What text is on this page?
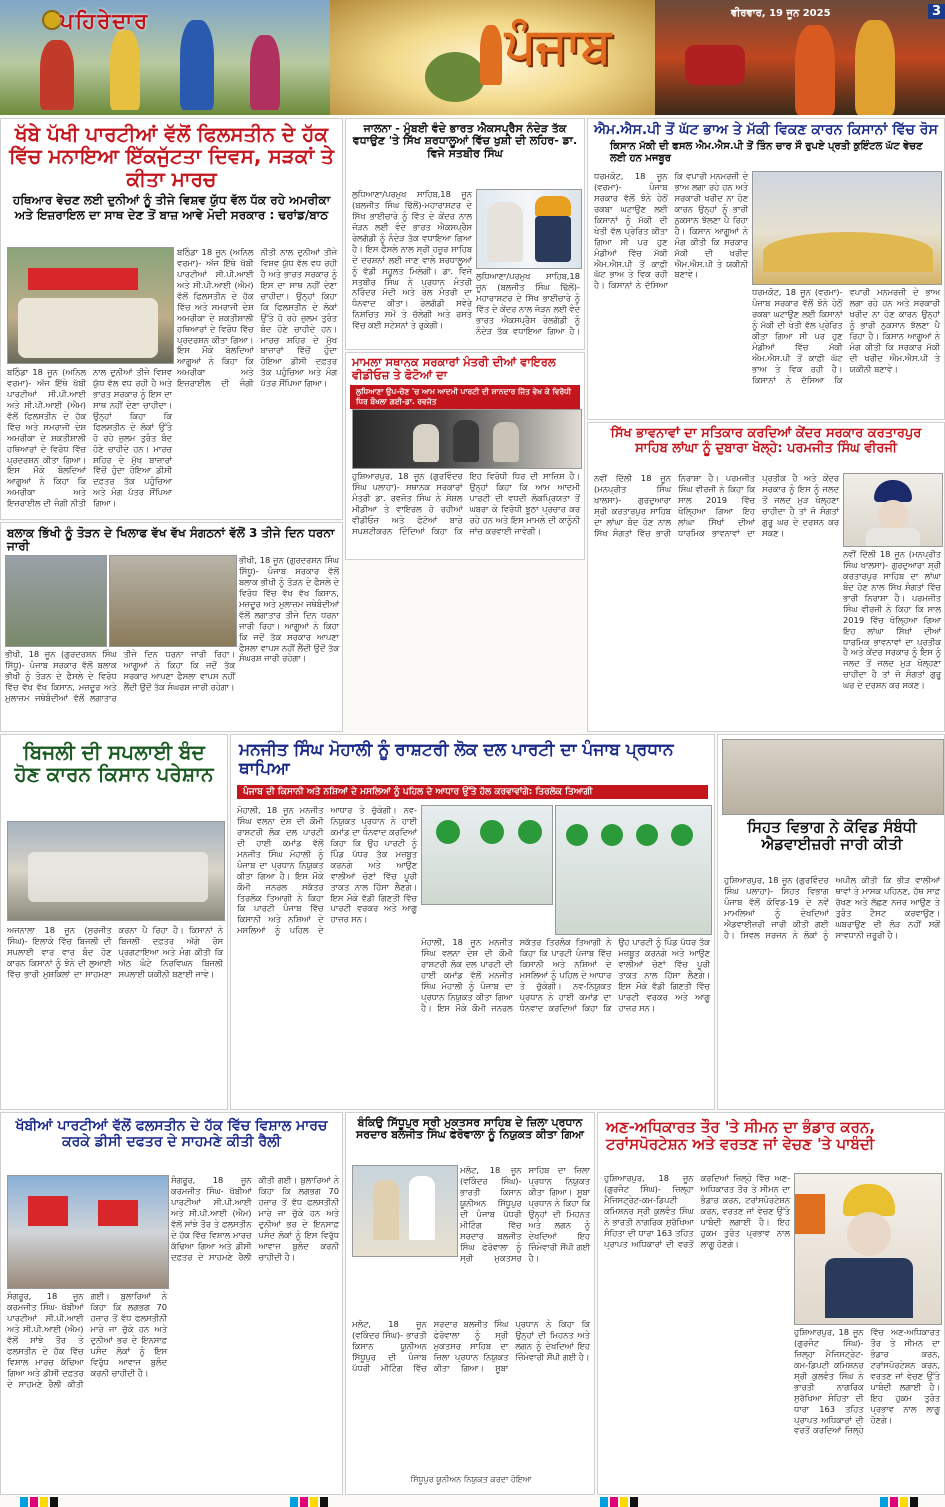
ਪਹਿਰੇਦਾਰ	ਪੰਜਾਬ
ਵੀਰਵਾਰ, 19 ਜੂਨ 2025	3
ਖੱਬੇ ਪੱਖੀ ਪਾਰਟੀਆਂ ਵੱਲੋਂ ਫਿਲਸਤੀਨ ਦੇ ਹੱਕ ਵਿੱਚ ਮਨਾਇਆ ਇੱਕਜੁੱਟਤਾ ਦਿਵਸ, ਸੜਕਾਂ ਤੇ ਕੀਤਾ ਮਾਰਚ
ਹਥਿਆਰ ਵੇਚਣ ਲਈ ਦੁਨੀਆਂ ਨੂੰ ਤੀਜੇ ਵਿਸ਼ਵ ਯੁੱਧ ਵੱਲ ਧੱਕ ਰਹੇ ਅਮਰੀਕਾ ਅਤੇ ਇਜ਼ਰਾਇਲ ਦਾ ਸਾਥ ਦੇਣ ਤੋਂ ਬਾਜ਼ ਆਵੇ ਮੋਦੀ ਸਰਕਾਰ : ਢਰਾਂਡ/ਬਾਠ
ਬਠਿੰਡਾ 18 ਜੂਨ (ਅਨਿਲ ਵਰਮਾ)- ਅੱਜ ਇੱਥੇ ਖੱਬੀ ਪਾਰਟੀਆਂ ਸੀ.ਪੀ.ਆਈ ਅਤੇ ਸੀ.ਪੀ.ਆਈ (ਐਮ) ਵੱਲੋਂ ਫਿਲਸਤੀਨ ਦੇ ਹੱਕ ਵਿੱਚ ਅਤੇ ਸਮਰਾਜੀ ਦੇਸ਼ ਅਮਰੀਕਾ ਦੇ ਸ਼ਕਤੀਸ਼ਾਲੀ ਹਥਿਆਰਾਂ ਦੇ ਵਿਰੋਧ ਵਿੱਚ ਪ੍ਰਦਰਸ਼ਨ ਕੀਤਾ ਗਿਆ। ਇਸ ਮੌਕੇ ਬੋਲਦਿਆਂ ਆਗੂਆਂ ਨੇ ਕਿਹਾ ਕਿ ਅਮਰੀਕਾ ਅਤੇ ਇਜ਼ਰਾਈਲ ਦੀ ਜੰਗੀ ਨੀਤੀ ਨਾਲ ਦੁਨੀਆਂ ਤੀਜੇ ਵਿਸ਼ਵ ਯੁੱਧ ਵੱਲ ਵਧ ਰਹੀ ਹੈ ਅਤੇ ਭਾਰਤ ਸਰਕਾਰ ਨੂੰ ਇਸ ਦਾ ਸਾਥ ਨਹੀਂ ਦੇਣਾ ਚਾਹੀਦਾ। ਉਨ੍ਹਾਂ ਕਿਹਾ ਕਿ ਫਿਲਸਤੀਨ ਦੇ ਲੋਕਾਂ ਉੱਤੇ ਹੋ ਰਹੇ ਜ਼ੁਲਮ ਤੁਰੰਤ ਬੰਦ ਹੋਣੇ ਚਾਹੀਦੇ ਹਨ। ਮਾਰਚ ਸ਼ਹਿਰ ਦੇ ਮੁੱਖ ਬਾਜ਼ਾਰਾਂ ਵਿੱਚੋਂ ਹੁੰਦਾ ਹੋਇਆ ਡੀਸੀ ਦਫ਼ਤਰ ਤੱਕ ਪਹੁੰਚਿਆ ਅਤੇ ਮੰਗ ਪੱਤਰ ਸੌਂਪਿਆ ਗਿਆ।
ਬਠਿੰਡਾ 18 ਜੂਨ (ਅਨਿਲ ਵਰਮਾ)- ਅੱਜ ਇੱਥੇ ਖੱਬੀ ਪਾਰਟੀਆਂ ਸੀ.ਪੀ.ਆਈ ਅਤੇ ਸੀ.ਪੀ.ਆਈ (ਐਮ) ਵੱਲੋਂ ਫਿਲਸਤੀਨ ਦੇ ਹੱਕ ਵਿੱਚ ਅਤੇ ਸਮਰਾਜੀ ਦੇਸ਼ ਅਮਰੀਕਾ ਦੇ ਸ਼ਕਤੀਸ਼ਾਲੀ ਹਥਿਆਰਾਂ ਦੇ ਵਿਰੋਧ ਵਿੱਚ ਪ੍ਰਦਰਸ਼ਨ ਕੀਤਾ ਗਿਆ। ਇਸ ਮੌਕੇ ਬੋਲਦਿਆਂ ਆਗੂਆਂ ਨੇ ਕਿਹਾ ਕਿ ਅਮਰੀਕਾ ਅਤੇ ਇਜ਼ਰਾਈਲ ਦੀ ਜੰਗੀ ਨੀਤੀ ਨਾਲ ਦੁਨੀਆਂ ਤੀਜੇ ਵਿਸ਼ਵ ਯੁੱਧ ਵੱਲ ਵਧ ਰਹੀ ਹੈ ਅਤੇ ਭਾਰਤ ਸਰਕਾਰ ਨੂੰ ਇਸ ਦਾ ਸਾਥ ਨਹੀਂ ਦੇਣਾ ਚਾਹੀਦਾ। ਉਨ੍ਹਾਂ ਕਿਹਾ ਕਿ ਫਿਲਸਤੀਨ ਦੇ ਲੋਕਾਂ ਉੱਤੇ ਹੋ ਰਹੇ ਜ਼ੁਲਮ ਤੁਰੰਤ ਬੰਦ ਹੋਣੇ ਚਾਹੀਦੇ ਹਨ। ਮਾਰਚ ਸ਼ਹਿਰ ਦੇ ਮੁੱਖ ਬਾਜ਼ਾਰਾਂ ਵਿੱਚੋਂ ਹੁੰਦਾ ਹੋਇਆ ਡੀਸੀ ਦਫ਼ਤਰ ਤੱਕ ਪਹੁੰਚਿਆ ਅਤੇ ਮੰਗ ਪੱਤਰ ਸੌਂਪਿਆ ਗਿਆ।
ਜਾਲਨਾ - ਮੁੰਬਈ ਵੰਦੇ ਭਾਰਤ ਐਕਸਪ੍ਰੈਸ ਨੰਦੇੜ ਤੱਕ ਵਧਾਉਣ 'ਤੇ ਸਿੱਖ ਸ਼ਰਧਾਲੂਆਂ ਵਿੱਚ ਖੁਸ਼ੀ ਦੀ ਲਹਿਰ- ਡਾ. ਵਿਜੇ ਸਤਬੀਰ ਸਿੰਘ
ਲੁਧਿਆਣਾ/ਪਰਮੁਖ ਸਾਹਿਬ,18 ਜੂਨ (ਬਲਜੀਤ ਸਿੰਘ ਢਿੱਲੋਂ)-ਮਹਾਰਾਸ਼ਟਰ ਦੇ ਸਿੱਖ ਭਾਈਚਾਰੇ ਨੂੰ ਵਿੱਤ ਦੇ ਕੇਂਦਰ ਨਾਲ ਜੋੜਨ ਲਈ ਵੰਦੇ ਭਾਰਤ ਐਕਸਪ੍ਰੈਸ ਰੇਲਗੱਡੀ ਨੂੰ ਨੰਦੇੜ ਤੱਕ ਵਧਾਇਆ ਗਿਆ ਹੈ। ਇਸ ਫੈਸਲੇ ਨਾਲ ਸ੍ਰੀ ਹਜ਼ੂਰ ਸਾਹਿਬ ਦੇ ਦਰਸ਼ਨਾਂ ਲਈ ਜਾਣ ਵਾਲੇ ਸ਼ਰਧਾਲੂਆਂ ਨੂੰ ਵੱਡੀ ਸਹੂਲਤ ਮਿਲੇਗੀ। ਡਾ. ਵਿਜੇ ਸਤਬੀਰ ਸਿੰਘ ਨੇ ਪ੍ਰਧਾਨ ਮੰਤਰੀ ਨਰਿੰਦਰ ਮੋਦੀ ਅਤੇ ਰੇਲ ਮੰਤਰੀ ਦਾ ਧੰਨਵਾਦ ਕੀਤਾ। ਰੇਲਗੱਡੀ ਸਵੇਰੇ ਨਿਸ਼ਚਿਤ ਸਮੇਂ ਤੇ ਚੱਲੇਗੀ ਅਤੇ ਰਸਤੇ ਵਿੱਚ ਕਈ ਸਟੇਸ਼ਨਾਂ ਤੇ ਰੁਕੇਗੀ।
ਲੁਧਿਆਣਾ/ਪਰਮੁਖ ਸਾਹਿਬ,18 ਜੂਨ (ਬਲਜੀਤ ਸਿੰਘ ਢਿੱਲੋਂ)-ਮਹਾਰਾਸ਼ਟਰ ਦੇ ਸਿੱਖ ਭਾਈਚਾਰੇ ਨੂੰ ਵਿੱਤ ਦੇ ਕੇਂਦਰ ਨਾਲ ਜੋੜਨ ਲਈ ਵੰਦੇ ਭਾਰਤ ਐਕਸਪ੍ਰੈਸ ਰੇਲਗੱਡੀ ਨੂੰ ਨੰਦੇੜ ਤੱਕ ਵਧਾਇਆ ਗਿਆ ਹੈ।
ਐਮ.ਐਸ.ਪੀ ਤੋਂ ਘੱਟ ਭਾਅ ਤੇ ਮੱਕੀ ਵਿਕਣ ਕਾਰਨ ਕਿਸਾਨਾਂ ਵਿੱਚ ਰੋਸ
ਕਿਸਾਨ ਮੱਕੀ ਦੀ ਫਸਲ ਐਮ.ਐਸ.ਪੀ ਤੋਂ ਤਿੰਨ ਚਾਰ ਸੌ ਰੁਪਏ ਪ੍ਰਤੀ ਕੁਇੰਟਲ ਘੱਟ ਵੇਚਣ ਲਈ ਹਨ ਮਜਬੂਰ
ਧਰਮਕੋਟ, 18 ਜੂਨ (ਵਰਮਾ)- ਪੰਜਾਬ ਸਰਕਾਰ ਵੱਲੋਂ ਝੋਨੇ ਹੇਠੋਂ ਰਕਬਾ ਘਟਾਉਣ ਲਈ ਕਿਸਾਨਾਂ ਨੂੰ ਮੱਕੀ ਦੀ ਖੇਤੀ ਵੱਲ ਪ੍ਰੇਰਿਤ ਕੀਤਾ ਗਿਆ ਸੀ ਪਰ ਹੁਣ ਮੰਡੀਆਂ ਵਿੱਚ ਮੱਕੀ ਐਮ.ਐਸ.ਪੀ ਤੋਂ ਕਾਫ਼ੀ ਘੱਟ ਭਾਅ ਤੇ ਵਿਕ ਰਹੀ ਹੈ। ਕਿਸਾਨਾਂ ਨੇ ਦੱਸਿਆ ਕਿ ਵਪਾਰੀ ਮਨਮਰਜ਼ੀ ਦੇ ਭਾਅ ਲਗਾ ਰਹੇ ਹਨ ਅਤੇ ਸਰਕਾਰੀ ਖਰੀਦ ਨਾ ਹੋਣ ਕਾਰਨ ਉਨ੍ਹਾਂ ਨੂੰ ਭਾਰੀ ਨੁਕਸਾਨ ਝੱਲਣਾ ਪੈ ਰਿਹਾ ਹੈ। ਕਿਸਾਨ ਆਗੂਆਂ ਨੇ ਮੰਗ ਕੀਤੀ ਕਿ ਸਰਕਾਰ ਮੱਕੀ ਦੀ ਖਰੀਦ ਐਮ.ਐਸ.ਪੀ ਤੇ ਯਕੀਨੀ ਬਣਾਵੇ।
ਧਰਮਕੋਟ, 18 ਜੂਨ (ਵਰਮਾ)- ਪੰਜਾਬ ਸਰਕਾਰ ਵੱਲੋਂ ਝੋਨੇ ਹੇਠੋਂ ਰਕਬਾ ਘਟਾਉਣ ਲਈ ਕਿਸਾਨਾਂ ਨੂੰ ਮੱਕੀ ਦੀ ਖੇਤੀ ਵੱਲ ਪ੍ਰੇਰਿਤ ਕੀਤਾ ਗਿਆ ਸੀ ਪਰ ਹੁਣ ਮੰਡੀਆਂ ਵਿੱਚ ਮੱਕੀ ਐਮ.ਐਸ.ਪੀ ਤੋਂ ਕਾਫ਼ੀ ਘੱਟ ਭਾਅ ਤੇ ਵਿਕ ਰਹੀ ਹੈ। ਕਿਸਾਨਾਂ ਨੇ ਦੱਸਿਆ ਕਿ ਵਪਾਰੀ ਮਨਮਰਜ਼ੀ ਦੇ ਭਾਅ ਲਗਾ ਰਹੇ ਹਨ ਅਤੇ ਸਰਕਾਰੀ ਖਰੀਦ ਨਾ ਹੋਣ ਕਾਰਨ ਉਨ੍ਹਾਂ ਨੂੰ ਭਾਰੀ ਨੁਕਸਾਨ ਝੱਲਣਾ ਪੈ ਰਿਹਾ ਹੈ। ਕਿਸਾਨ ਆਗੂਆਂ ਨੇ ਮੰਗ ਕੀਤੀ ਕਿ ਸਰਕਾਰ ਮੱਕੀ ਦੀ ਖਰੀਦ ਐਮ.ਐਸ.ਪੀ ਤੇ ਯਕੀਨੀ ਬਣਾਵੇ।
ਮਾਮਲਾ ਸਥਾਨਕ ਸਰਕਾਰਾਂ ਮੰਤਰੀ ਦੀਆਂ ਵਾਇਰਲ ਵੀਡੀਓਜ਼ ਤੇ ਫੋਟੋਆਂ ਦਾ
ਲੁਧਿਆਣਾ ਉਪ-ਚੋਣ 'ਚ ਆਮ ਆਦਮੀ ਪਾਰਟੀ ਦੀ ਸ਼ਾਨਦਾਰ ਜਿੱਤ ਵੇਖ ਕੇ ਵਿਰੋਧੀ ਧਿਰ ਬੌਖਲਾ ਗਈ-ਡਾ. ਰਵਜੋਤ
ਹੁਸ਼ਿਆਰਪੁਰ, 18 ਜੂਨ (ਗੁਰਵਿੰਦਰ ਸਿੰਘ ਪਲਾਹਾ)- ਸਥਾਨਕ ਸਰਕਾਰਾਂ ਮੰਤਰੀ ਡਾ. ਰਵਜੋਤ ਸਿੰਘ ਨੇ ਸੋਸ਼ਲ ਮੀਡੀਆ ਤੇ ਵਾਇਰਲ ਹੋ ਰਹੀਆਂ ਵੀਡੀਓਜ਼ ਅਤੇ ਫੋਟੋਆਂ ਬਾਰੇ ਸਪਸ਼ਟੀਕਰਨ ਦਿੰਦਿਆਂ ਕਿਹਾ ਕਿ ਇਹ ਵਿਰੋਧੀ ਧਿਰ ਦੀ ਸਾਜ਼ਿਸ਼ ਹੈ। ਉਨ੍ਹਾਂ ਕਿਹਾ ਕਿ ਆਮ ਆਦਮੀ ਪਾਰਟੀ ਦੀ ਵਧਦੀ ਲੋਕਪ੍ਰਿਯਤਾ ਤੋਂ ਘਬਰਾ ਕੇ ਵਿਰੋਧੀ ਝੂਠਾ ਪ੍ਰਚਾਰ ਕਰ ਰਹੇ ਹਨ ਅਤੇ ਇਸ ਮਾਮਲੇ ਦੀ ਕਾਨੂੰਨੀ ਜਾਂਚ ਕਰਵਾਈ ਜਾਵੇਗੀ।
ਸਿੱਖ ਭਾਵਨਾਵਾਂ ਦਾ ਸਤਿਕਾਰ ਕਰਦਿਆਂ ਕੇਂਦਰ ਸਰਕਾਰ ਕਰਤਾਰਪੁਰ ਸਾਹਿਬ ਲਾਂਘਾ ਨੂੰ ਦੁਬਾਰਾ ਖੋਲ੍ਹੇ: ਪਰਮਜੀਤ ਸਿੰਘ ਵੀਰਜੀ
ਨਵੀਂ ਦਿੱਲੀ 18 ਜੂਨ (ਮਨਪ੍ਰੀਤ ਸਿੰਘ ਖਾਲਸਾ)- ਗੁਰਦੁਆਰਾ ਸ਼੍ਰੀ ਕਰਤਾਰਪੁਰ ਸਾਹਿਬ ਦਾ ਲਾਂਘਾ ਬੰਦ ਹੋਣ ਨਾਲ ਸਿੱਖ ਸੰਗਤਾਂ ਵਿੱਚ ਭਾਰੀ ਨਿਰਾਸ਼ਾ ਹੈ। ਪਰਮਜੀਤ ਸਿੰਘ ਵੀਰਜੀ ਨੇ ਕਿਹਾ ਕਿ ਸਾਲ 2019 ਵਿੱਚ ਖੋਲ੍ਹਿਆ ਗਿਆ ਇਹ ਲਾਂਘਾ ਸਿੱਖਾਂ ਦੀਆਂ ਧਾਰਮਿਕ ਭਾਵਨਾਵਾਂ ਦਾ ਪ੍ਰਤੀਕ ਹੈ ਅਤੇ ਕੇਂਦਰ ਸਰਕਾਰ ਨੂੰ ਇਸ ਨੂੰ ਜਲਦ ਤੋਂ ਜਲਦ ਮੁੜ ਖੋਲ੍ਹਣਾ ਚਾਹੀਦਾ ਹੈ ਤਾਂ ਜੋ ਸੰਗਤਾਂ ਗੁਰੂ ਘਰ ਦੇ ਦਰਸ਼ਨ ਕਰ ਸਕਣ।
ਨਵੀਂ ਦਿੱਲੀ 18 ਜੂਨ (ਮਨਪ੍ਰੀਤ ਸਿੰਘ ਖਾਲਸਾ)- ਗੁਰਦੁਆਰਾ ਸ਼੍ਰੀ ਕਰਤਾਰਪੁਰ ਸਾਹਿਬ ਦਾ ਲਾਂਘਾ ਬੰਦ ਹੋਣ ਨਾਲ ਸਿੱਖ ਸੰਗਤਾਂ ਵਿੱਚ ਭਾਰੀ ਨਿਰਾਸ਼ਾ ਹੈ। ਪਰਮਜੀਤ ਸਿੰਘ ਵੀਰਜੀ ਨੇ ਕਿਹਾ ਕਿ ਸਾਲ 2019 ਵਿੱਚ ਖੋਲ੍ਹਿਆ ਗਿਆ ਇਹ ਲਾਂਘਾ ਸਿੱਖਾਂ ਦੀਆਂ ਧਾਰਮਿਕ ਭਾਵਨਾਵਾਂ ਦਾ ਪ੍ਰਤੀਕ ਹੈ ਅਤੇ ਕੇਂਦਰ ਸਰਕਾਰ ਨੂੰ ਇਸ ਨੂੰ ਜਲਦ ਤੋਂ ਜਲਦ ਮੁੜ ਖੋਲ੍ਹਣਾ ਚਾਹੀਦਾ ਹੈ ਤਾਂ ਜੋ ਸੰਗਤਾਂ ਗੁਰੂ ਘਰ ਦੇ ਦਰਸ਼ਨ ਕਰ ਸਕਣ।
ਬਲਾਕ ਭਿੱਖੀ ਨੂੰ ਤੋੜਨ ਦੇ ਖਿਲਾਫ ਵੱਖ ਵੱਖ ਸੰਗਠਨਾਂ ਵੱਲੋਂ 3 ਤੀਜੇ ਦਿਨ ਧਰਨਾ ਜਾਰੀ
ਭੀਖੀ, 18 ਜੂਨ (ਗੁਰਦਰਸ਼ਨ ਸਿੰਘ ਸਿੱਧੂ)- ਪੰਜਾਬ ਸਰਕਾਰ ਵੱਲੋਂ ਬਲਾਕ ਭੀਖੀ ਨੂੰ ਤੋੜਨ ਦੇ ਫੈਸਲੇ ਦੇ ਵਿਰੋਧ ਵਿੱਚ ਵੱਖ ਵੱਖ ਕਿਸਾਨ, ਮਜ਼ਦੂਰ ਅਤੇ ਮੁਲਾਜ਼ਮ ਜਥੇਬੰਦੀਆਂ ਵੱਲੋਂ ਲਗਾਤਾਰ ਤੀਜੇ ਦਿਨ ਧਰਨਾ ਜਾਰੀ ਰਿਹਾ। ਆਗੂਆਂ ਨੇ ਕਿਹਾ ਕਿ ਜਦੋਂ ਤੱਕ ਸਰਕਾਰ ਆਪਣਾ ਫੈਸਲਾ ਵਾਪਸ ਨਹੀਂ ਲੈਂਦੀ ਉਦੋਂ ਤੱਕ ਸੰਘਰਸ਼ ਜਾਰੀ ਰਹੇਗਾ।
ਭੀਖੀ, 18 ਜੂਨ (ਗੁਰਦਰਸ਼ਨ ਸਿੰਘ ਸਿੱਧੂ)- ਪੰਜਾਬ ਸਰਕਾਰ ਵੱਲੋਂ ਬਲਾਕ ਭੀਖੀ ਨੂੰ ਤੋੜਨ ਦੇ ਫੈਸਲੇ ਦੇ ਵਿਰੋਧ ਵਿੱਚ ਵੱਖ ਵੱਖ ਕਿਸਾਨ, ਮਜ਼ਦੂਰ ਅਤੇ ਮੁਲਾਜ਼ਮ ਜਥੇਬੰਦੀਆਂ ਵੱਲੋਂ ਲਗਾਤਾਰ ਤੀਜੇ ਦਿਨ ਧਰਨਾ ਜਾਰੀ ਰਿਹਾ। ਆਗੂਆਂ ਨੇ ਕਿਹਾ ਕਿ ਜਦੋਂ ਤੱਕ ਸਰਕਾਰ ਆਪਣਾ ਫੈਸਲਾ ਵਾਪਸ ਨਹੀਂ ਲੈਂਦੀ ਉਦੋਂ ਤੱਕ ਸੰਘਰਸ਼ ਜਾਰੀ ਰਹੇਗਾ।
ਬਿਜਲੀ ਦੀ ਸਪਲਾਈ ਬੰਦ ਹੋਣ ਕਾਰਨ ਕਿਸਾਨ ਪਰੇਸ਼ਾਨ
ਅਜਨਾਲਾ 18 ਜੂਨ (ਸੁਰਜੀਤ ਸਿੰਘ)- ਇਲਾਕੇ ਵਿੱਚ ਬਿਜਲੀ ਦੀ ਸਪਲਾਈ ਵਾਰ ਵਾਰ ਬੰਦ ਹੋਣ ਕਾਰਨ ਕਿਸਾਨਾਂ ਨੂੰ ਝੋਨੇ ਦੀ ਲੁਆਈ ਵਿੱਚ ਭਾਰੀ ਮੁਸ਼ਕਿਲਾਂ ਦਾ ਸਾਹਮਣਾ ਕਰਨਾ ਪੈ ਰਿਹਾ ਹੈ। ਕਿਸਾਨਾਂ ਨੇ ਬਿਜਲੀ ਦਫ਼ਤਰ ਅੱਗੇ ਰੋਸ ਪ੍ਰਗਟਾਇਆ ਅਤੇ ਮੰਗ ਕੀਤੀ ਕਿ ਅੱਠ ਘੰਟੇ ਨਿਰਵਿਘਨ ਬਿਜਲੀ ਸਪਲਾਈ ਯਕੀਨੀ ਬਣਾਈ ਜਾਵੇ।
ਮਨਜੀਤ ਸਿੰਘ ਮੋਹਾਲੀ ਨੂੰ ਰਾਸ਼ਟਰੀ ਲੋਕ ਦਲ ਪਾਰਟੀ ਦਾ ਪੰਜਾਬ ਪ੍ਰਧਾਨ ਥਾਪਿਆ
ਪੰਜਾਬ ਦੀ ਕਿਸਾਨੀ ਅਤੇ ਨਸ਼ਿਆਂ ਦੇ ਮਸਲਿਆਂ ਨੂੰ ਪਹਿਲ ਦੇ ਆਧਾਰ ਉੱਤੇ ਹੱਲ ਕਰਵਾਵਾਂਗੇ: ਤਿਰਲੋਕ ਤਿਆਗੀ
ਮੋਹਾਲੀ, 18 ਜੂਨ ਮਨਜੀਤ ਸਿੰਘ ਵਲਨਾ ਦੇਸ਼ ਦੀ ਕੌਮੀ ਰਾਸ਼ਟਰੀ ਲੋਕ ਦਲ ਪਾਰਟੀ ਦੀ ਹਾਈ ਕਮਾਂਡ ਵੱਲੋਂ ਮਨਜੀਤ ਸਿੰਘ ਮੋਹਾਲੀ ਨੂੰ ਪੰਜਾਬ ਦਾ ਪ੍ਰਧਾਨ ਨਿਯੁਕਤ ਕੀਤਾ ਗਿਆ ਹੈ। ਇਸ ਮੌਕੇ ਕੌਮੀ ਜਨਰਲ ਸਕੱਤਰ ਤਿਰਲੋਕ ਤਿਆਗੀ ਨੇ ਕਿਹਾ ਕਿ ਪਾਰਟੀ ਪੰਜਾਬ ਵਿੱਚ ਕਿਸਾਨੀ ਅਤੇ ਨਸ਼ਿਆਂ ਦੇ ਮਸਲਿਆਂ ਨੂੰ ਪਹਿਲ ਦੇ ਆਧਾਰ ਤੇ ਚੁੱਕੇਗੀ। ਨਵ-ਨਿਯੁਕਤ ਪ੍ਰਧਾਨ ਨੇ ਹਾਈ ਕਮਾਂਡ ਦਾ ਧੰਨਵਾਦ ਕਰਦਿਆਂ ਕਿਹਾ ਕਿ ਉਹ ਪਾਰਟੀ ਨੂੰ ਪਿੰਡ ਪੱਧਰ ਤੱਕ ਮਜ਼ਬੂਤ ਕਰਨਗੇ ਅਤੇ ਆਉਣ ਵਾਲੀਆਂ ਚੋਣਾਂ ਵਿੱਚ ਪੂਰੀ ਤਾਕਤ ਨਾਲ ਹਿੱਸਾ ਲੈਣਗੇ। ਇਸ ਮੌਕੇ ਵੱਡੀ ਗਿਣਤੀ ਵਿੱਚ ਪਾਰਟੀ ਵਰਕਰ ਅਤੇ ਆਗੂ ਹਾਜ਼ਰ ਸਨ।
ਮੋਹਾਲੀ, 18 ਜੂਨ ਮਨਜੀਤ ਸਿੰਘ ਵਲਨਾ ਦੇਸ਼ ਦੀ ਕੌਮੀ ਰਾਸ਼ਟਰੀ ਲੋਕ ਦਲ ਪਾਰਟੀ ਦੀ ਹਾਈ ਕਮਾਂਡ ਵੱਲੋਂ ਮਨਜੀਤ ਸਿੰਘ ਮੋਹਾਲੀ ਨੂੰ ਪੰਜਾਬ ਦਾ ਪ੍ਰਧਾਨ ਨਿਯੁਕਤ ਕੀਤਾ ਗਿਆ ਹੈ। ਇਸ ਮੌਕੇ ਕੌਮੀ ਜਨਰਲ ਸਕੱਤਰ ਤਿਰਲੋਕ ਤਿਆਗੀ ਨੇ ਕਿਹਾ ਕਿ ਪਾਰਟੀ ਪੰਜਾਬ ਵਿੱਚ ਕਿਸਾਨੀ ਅਤੇ ਨਸ਼ਿਆਂ ਦੇ ਮਸਲਿਆਂ ਨੂੰ ਪਹਿਲ ਦੇ ਆਧਾਰ ਤੇ ਚੁੱਕੇਗੀ। ਨਵ-ਨਿਯੁਕਤ ਪ੍ਰਧਾਨ ਨੇ ਹਾਈ ਕਮਾਂਡ ਦਾ ਧੰਨਵਾਦ ਕਰਦਿਆਂ ਕਿਹਾ ਕਿ ਉਹ ਪਾਰਟੀ ਨੂੰ ਪਿੰਡ ਪੱਧਰ ਤੱਕ ਮਜ਼ਬੂਤ ਕਰਨਗੇ ਅਤੇ ਆਉਣ ਵਾਲੀਆਂ ਚੋਣਾਂ ਵਿੱਚ ਪੂਰੀ ਤਾਕਤ ਨਾਲ ਹਿੱਸਾ ਲੈਣਗੇ। ਇਸ ਮੌਕੇ ਵੱਡੀ ਗਿਣਤੀ ਵਿੱਚ ਪਾਰਟੀ ਵਰਕਰ ਅਤੇ ਆਗੂ ਹਾਜ਼ਰ ਸਨ।
ਸਿਹਤ ਵਿਭਾਗ ਨੇ ਕੋਵਿਡ ਸੰਬੰਧੀ ਐਡਵਾਈਜ਼ਰੀ ਜਾਰੀ ਕੀਤੀ
ਹੁਸ਼ਿਆਰਪੁਰ, 18 ਜੂਨ (ਗੁਰਵਿੰਦਰ ਸਿੰਘ ਪਲਾਹਾ)- ਸਿਹਤ ਵਿਭਾਗ ਪੰਜਾਬ ਵੱਲੋਂ ਕੋਵਿਡ-19 ਦੇ ਨਵੇਂ ਮਾਮਲਿਆਂ ਨੂੰ ਦੇਖਦਿਆਂ ਐਡਵਾਈਜ਼ਰੀ ਜਾਰੀ ਕੀਤੀ ਗਈ ਹੈ। ਸਿਵਲ ਸਰਜਨ ਨੇ ਲੋਕਾਂ ਨੂੰ ਅਪੀਲ ਕੀਤੀ ਕਿ ਭੀੜ ਵਾਲੀਆਂ ਥਾਵਾਂ ਤੇ ਮਾਸਕ ਪਹਿਨਣ, ਹੱਥ ਸਾਫ਼ ਰੱਖਣ ਅਤੇ ਲੱਛਣ ਨਜ਼ਰ ਆਉਣ ਤੇ ਤੁਰੰਤ ਟੈਸਟ ਕਰਵਾਉਣ। ਘਬਰਾਉਣ ਦੀ ਲੋੜ ਨਹੀਂ ਸਗੋਂ ਸਾਵਧਾਨੀ ਜ਼ਰੂਰੀ ਹੈ।
ਖੱਬੀਆਂ ਪਾਰਟੀਆਂ ਵੱਲੋਂ ਫਲਸਤੀਨ ਦੇ ਹੱਕ ਵਿੱਚ ਵਿਸ਼ਾਲ ਮਾਰਚ ਕਰਕੇ ਡੀਸੀ ਦਫਤਰ ਦੇ ਸਾਹਮਣੇ ਕੀਤੀ ਰੈਲੀ
ਸੰਗਰੂਰ, 18 ਜੂਨ ਕਰਮਜੀਤ ਸਿੰਘ- ਖੱਬੀਆਂ ਪਾਰਟੀਆਂ ਸੀ.ਪੀ.ਆਈ ਅਤੇ ਸੀ.ਪੀ.ਆਈ (ਐਮ) ਵੱਲੋਂ ਸਾਂਝੇ ਤੌਰ ਤੇ ਫਲਸਤੀਨ ਦੇ ਹੱਕ ਵਿੱਚ ਵਿਸ਼ਾਲ ਮਾਰਚ ਕੱਢਿਆ ਗਿਆ ਅਤੇ ਡੀਸੀ ਦਫ਼ਤਰ ਦੇ ਸਾਹਮਣੇ ਰੈਲੀ ਕੀਤੀ ਗਈ। ਬੁਲਾਰਿਆਂ ਨੇ ਕਿਹਾ ਕਿ ਲਗਭਗ 70 ਹਜ਼ਾਰ ਤੋਂ ਵੱਧ ਫਲਸਤੀਨੀ ਮਾਰੇ ਜਾ ਚੁੱਕੇ ਹਨ ਅਤੇ ਦੁਨੀਆਂ ਭਰ ਦੇ ਇਨਸਾਫ਼ ਪਸੰਦ ਲੋਕਾਂ ਨੂੰ ਇਸ ਵਿਰੁੱਧ ਆਵਾਜ਼ ਬੁਲੰਦ ਕਰਨੀ ਚਾਹੀਦੀ ਹੈ।
ਸੰਗਰੂਰ, 18 ਜੂਨ ਕਰਮਜੀਤ ਸਿੰਘ- ਖੱਬੀਆਂ ਪਾਰਟੀਆਂ ਸੀ.ਪੀ.ਆਈ ਅਤੇ ਸੀ.ਪੀ.ਆਈ (ਐਮ) ਵੱਲੋਂ ਸਾਂਝੇ ਤੌਰ ਤੇ ਫਲਸਤੀਨ ਦੇ ਹੱਕ ਵਿੱਚ ਵਿਸ਼ਾਲ ਮਾਰਚ ਕੱਢਿਆ ਗਿਆ ਅਤੇ ਡੀਸੀ ਦਫ਼ਤਰ ਦੇ ਸਾਹਮਣੇ ਰੈਲੀ ਕੀਤੀ ਗਈ। ਬੁਲਾਰਿਆਂ ਨੇ ਕਿਹਾ ਕਿ ਲਗਭਗ 70 ਹਜ਼ਾਰ ਤੋਂ ਵੱਧ ਫਲਸਤੀਨੀ ਮਾਰੇ ਜਾ ਚੁੱਕੇ ਹਨ ਅਤੇ ਦੁਨੀਆਂ ਭਰ ਦੇ ਇਨਸਾਫ਼ ਪਸੰਦ ਲੋਕਾਂ ਨੂੰ ਇਸ ਵਿਰੁੱਧ ਆਵਾਜ਼ ਬੁਲੰਦ ਕਰਨੀ ਚਾਹੀਦੀ ਹੈ।
ਬੰਕਿਉ ਸਿੱਧੂਪੁਰ ਸ੍ਰੀ ਮੁਕਤਸਰ ਸਾਹਿਬ ਦੇ ਜ਼ਿਲਾ ਪ੍ਰਧਾਨ ਸਰਦਾਰ ਬਲਜੀਤ ਸਿੰਘ ਫੇਰੋਵਾਲਾ ਨੂੰ ਨਿਯੁਕਤ ਕੀਤਾ ਗਿਆ
ਮਲੋਟ, 18 ਜੂਨ (ਵਕਿੰਦਰ ਸਿੰਘ)- ਭਾਰਤੀ ਕਿਸਾਨ ਯੂਨੀਅਨ ਸਿੱਧੂਪੁਰ ਦੀ ਪੰਜਾਬ ਪੱਧਰੀ ਮੀਟਿੰਗ ਵਿੱਚ ਸਰਦਾਰ ਬਲਜੀਤ ਸਿੰਘ ਫੇਰੋਵਾਲਾ ਨੂੰ ਸ੍ਰੀ ਮੁਕਤਸਰ ਸਾਹਿਬ ਦਾ ਜ਼ਿਲਾ ਪ੍ਰਧਾਨ ਨਿਯੁਕਤ ਕੀਤਾ ਗਿਆ। ਸੂਬਾ ਪ੍ਰਧਾਨ ਨੇ ਕਿਹਾ ਕਿ ਉਨ੍ਹਾਂ ਦੀ ਮਿਹਨਤ ਅਤੇ ਲਗਨ ਨੂੰ ਦੇਖਦਿਆਂ ਇਹ ਜ਼ਿੰਮੇਵਾਰੀ ਸੌਂਪੀ ਗਈ ਹੈ।
ਮਲੋਟ, 18 ਜੂਨ (ਵਕਿੰਦਰ ਸਿੰਘ)- ਭਾਰਤੀ ਕਿਸਾਨ ਯੂਨੀਅਨ ਸਿੱਧੂਪੁਰ ਦੀ ਪੰਜਾਬ ਪੱਧਰੀ ਮੀਟਿੰਗ ਵਿੱਚ ਸਰਦਾਰ ਬਲਜੀਤ ਸਿੰਘ ਫੇਰੋਵਾਲਾ ਨੂੰ ਸ੍ਰੀ ਮੁਕਤਸਰ ਸਾਹਿਬ ਦਾ ਜ਼ਿਲਾ ਪ੍ਰਧਾਨ ਨਿਯੁਕਤ ਕੀਤਾ ਗਿਆ। ਸੂਬਾ ਪ੍ਰਧਾਨ ਨੇ ਕਿਹਾ ਕਿ ਉਨ੍ਹਾਂ ਦੀ ਮਿਹਨਤ ਅਤੇ ਲਗਨ ਨੂੰ ਦੇਖਦਿਆਂ ਇਹ ਜ਼ਿੰਮੇਵਾਰੀ ਸੌਂਪੀ ਗਈ ਹੈ।
ਸਿੱਧੂਪੁਰ ਯੂਨੀਅਨ ਨਿਯੁਕਤ ਕਰਦਾ ਹੋਇਆ
ਅਣ-ਅਧਿਕਾਰਤ ਤੌਰ 'ਤੇ ਸੀਮਨ ਦਾ ਭੰਡਾਰ ਕਰਨ, ਟਰਾਂਸਪੋਰਟੇਸ਼ਨ ਅਤੇ ਵਰਤਣ ਜਾਂ ਵੇਚਣ 'ਤੇ ਪਾਬੰਦੀ
ਹੁਸ਼ਿਆਰਪੁਰ, 18 ਜੂਨ (ਗੁਰਜੰਟ ਸਿੰਘ)- ਜ਼ਿਲ੍ਹਾ ਮੈਜਿਸਟ੍ਰੇਟ-ਕਮ-ਡਿਪਟੀ ਕਮਿਸ਼ਨਰ ਸ੍ਰੀ ਕੁਲਵੰਤ ਸਿੰਘ ਨੇ ਭਾਰਤੀ ਨਾਗਰਿਕ ਸੁਰੱਖਿਆ ਸੰਹਿਤਾ ਦੀ ਧਾਰਾ 163 ਤਹਿਤ ਪ੍ਰਾਪਤ ਅਧਿਕਾਰਾਂ ਦੀ ਵਰਤੋਂ ਕਰਦਿਆਂ ਜ਼ਿਲ੍ਹੇ ਵਿੱਚ ਅਣ-ਅਧਿਕਾਰਤ ਤੌਰ ਤੇ ਸੀਮਨ ਦਾ ਭੰਡਾਰ ਕਰਨ, ਟਰਾਂਸਪੋਰਟੇਸ਼ਨ ਕਰਨ, ਵਰਤਣ ਜਾਂ ਵੇਚਣ ਉੱਤੇ ਪਾਬੰਦੀ ਲਗਾਈ ਹੈ। ਇਹ ਹੁਕਮ ਤੁਰੰਤ ਪ੍ਰਭਾਵ ਨਾਲ ਲਾਗੂ ਹੋਣਗੇ।
ਹੁਸ਼ਿਆਰਪੁਰ, 18 ਜੂਨ (ਗੁਰਜੰਟ ਸਿੰਘ)- ਜ਼ਿਲ੍ਹਾ ਮੈਜਿਸਟ੍ਰੇਟ-ਕਮ-ਡਿਪਟੀ ਕਮਿਸ਼ਨਰ ਸ੍ਰੀ ਕੁਲਵੰਤ ਸਿੰਘ ਨੇ ਭਾਰਤੀ ਨਾਗਰਿਕ ਸੁਰੱਖਿਆ ਸੰਹਿਤਾ ਦੀ ਧਾਰਾ 163 ਤਹਿਤ ਪ੍ਰਾਪਤ ਅਧਿਕਾਰਾਂ ਦੀ ਵਰਤੋਂ ਕਰਦਿਆਂ ਜ਼ਿਲ੍ਹੇ ਵਿੱਚ ਅਣ-ਅਧਿਕਾਰਤ ਤੌਰ ਤੇ ਸੀਮਨ ਦਾ ਭੰਡਾਰ ਕਰਨ, ਟਰਾਂਸਪੋਰਟੇਸ਼ਨ ਕਰਨ, ਵਰਤਣ ਜਾਂ ਵੇਚਣ ਉੱਤੇ ਪਾਬੰਦੀ ਲਗਾਈ ਹੈ। ਇਹ ਹੁਕਮ ਤੁਰੰਤ ਪ੍ਰਭਾਵ ਨਾਲ ਲਾਗੂ ਹੋਣਗੇ।
